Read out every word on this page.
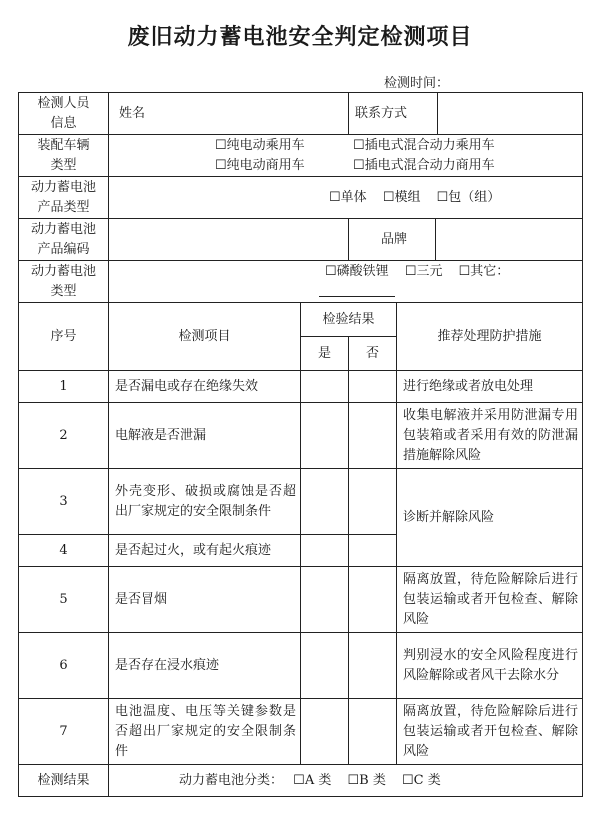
废旧动力蓄电池安全判定检测项目
检测时间：
检测人员
信息	姓名		联系方式	
装配车辆
类型	☐ 纯电动乘用车 ☐ 插电式混合动力乘用车
☐ 纯电动商用车 ☐ 插电式混合动力商用车
动力蓄电池
产品类型	☐ 单体 ☐ 模组 ☐ 包（组）
动力蓄电池
产品编码			品牌	
动力蓄电池
类型	☐ 磷酸铁锂 ☐ 三元 ☐ 其它：
序号	检测项目	检验结果		推荐处理防护措施
		是	否	
1	是否漏电或存在绝缘失效			进行绝缘或者放电处理
2	电解液是否泄漏			收集电解液并采用防泄漏专用包装箱或者采用有效的防泄漏措施解除风险
3	外壳变形、破损或腐蚀是否超出厂家规定的安全限制条件			诊断并解除风险
4	是否起过火，或有起火痕迹			
5	是否冒烟			隔离放置，待危险解除后进行包装运输或者开包检查、解除风险
6	是否存在浸水痕迹			判别浸水的安全风险程度进行风险解除或者风干去除水分
7	电池温度、电压等关键参数是否超出厂家规定的安全限制条件			隔离放置，待危险解除后进行包装运输或者开包检查、解除风险
检测结果	动力蓄电池分类： ☐ A 类 ☐ B 类 ☐ C 类
